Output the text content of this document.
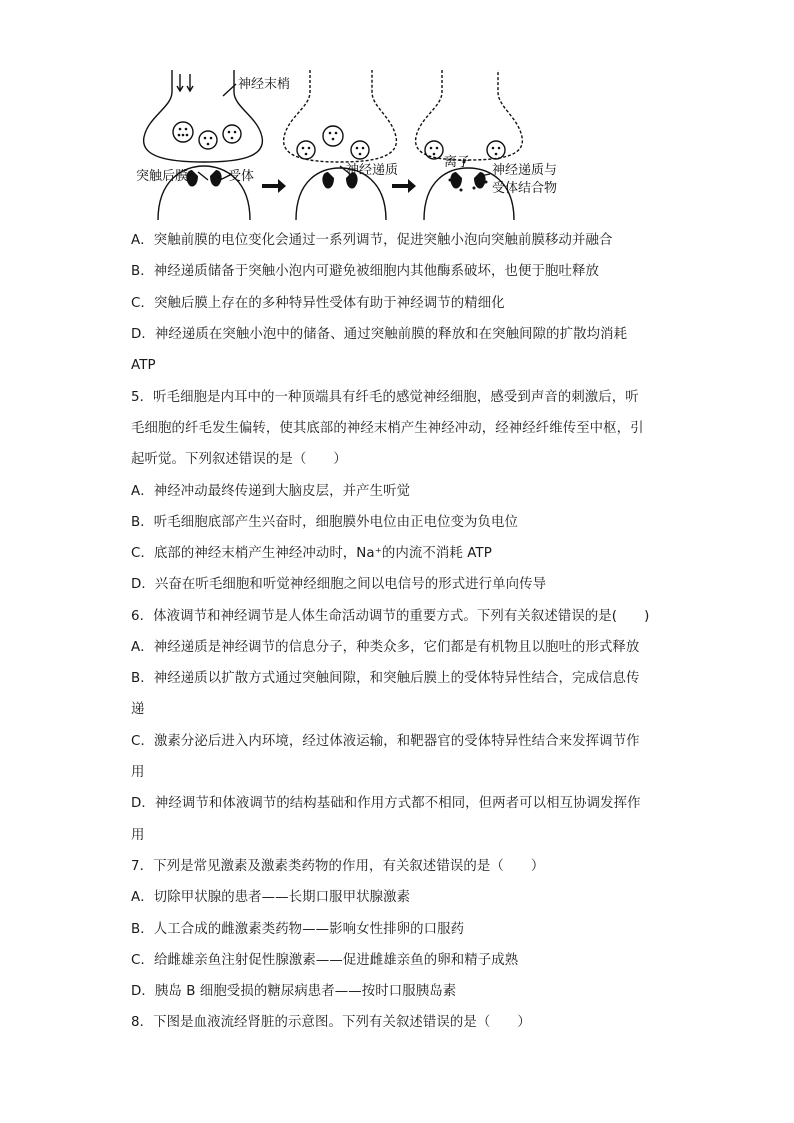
神经末梢
突触后膜	受体	神经递质
离子
神经递质与
受体结合物
A．突触前膜的电位变化会通过一系列调节，促进突触小泡向突触前膜移动并融合
B．神经递质储备于突触小泡内可避免被细胞内其他酶系破坏，也便于胞吐释放
C．突触后膜上存在的多种特异性受体有助于神经调节的精细化
D．神经递质在突触小泡中的储备、通过突触前膜的释放和在突触间隙的扩散均消耗
ATP
5．听毛细胞是内耳中的一种顶端具有纤毛的感觉神经细胞，感受到声音的刺激后，听
毛细胞的纤毛发生偏转，使其底部的神经末梢产生神经冲动，经神经纤维传至中枢，引
起听觉。下列叙述错误的是（　　）
A．神经冲动最终传递到大脑皮层，并产生听觉
B．听毛细胞底部产生兴奋时，细胞膜外电位由正电位变为负电位
C．底部的神经末梢产生神经冲动时，Na⁺的内流不消耗 ATP
D．兴奋在听毛细胞和听觉神经细胞之间以电信号的形式进行单向传导
6．体液调节和神经调节是人体生命活动调节的重要方式。下列有关叙述错误的是(　　)
A．神经递质是神经调节的信息分子，种类众多，它们都是有机物且以胞吐的形式释放
B．神经递质以扩散方式通过突触间隙，和突触后膜上的受体特异性结合，完成信息传
递
C．激素分泌后进入内环境，经过体液运输，和靶器官的受体特异性结合来发挥调节作
用
D．神经调节和体液调节的结构基础和作用方式都不相同，但两者可以相互协调发挥作
用
7．下列是常见激素及激素类药物的作用，有关叙述错误的是（　　）
A．切除甲状腺的患者——长期口服甲状腺激素
B．人工合成的雌激素类药物——影响女性排卵的口服药
C．给雌雄亲鱼注射促性腺激素——促进雌雄亲鱼的卵和精子成熟
D．胰岛 B 细胞受损的糖尿病患者——按时口服胰岛素
8．下图是血液流经肾脏的示意图。下列有关叙述错误的是（　　）
